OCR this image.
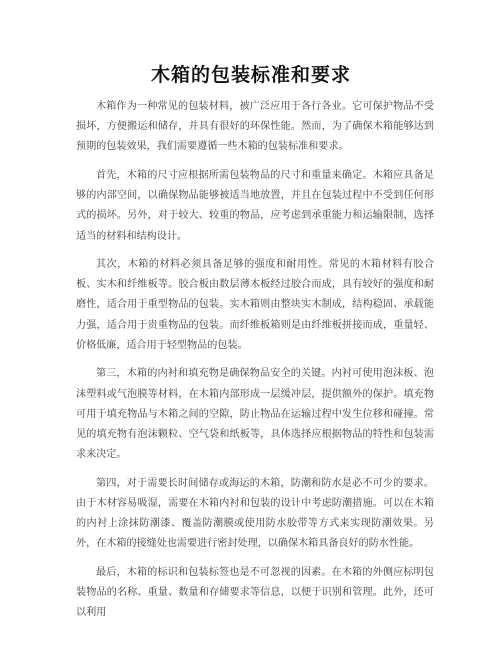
木箱的包装标准和要求

木箱作为一种常见的包装材料，被广泛应用于各行各业。它可保护物品不受损坏，方便搬运和储存，并具有很好的环保性能。然而，为了确保木箱能够达到预期的包装效果，我们需要遵循一些木箱的包装标准和要求。

首先，木箱的尺寸应根据所需包装物品的尺寸和重量来确定。木箱应具备足够的内部空间，以确保物品能够被适当地放置，并且在包装过程中不受到任何形式的损坏。另外，对于较大、较重的物品，应考虑到承重能力和运输限制，选择适当的材料和结构设计。

其次，木箱的材料必须具备足够的强度和耐用性。常见的木箱材料有胶合板、实木和纤维板等。胶合板由数层薄木板经过胶合而成，具有较好的强度和耐磨性，适合用于重型物品的包装。实木箱则由整块实木制成，结构稳固、承载能力强，适合用于贵重物品的包装。而纤维板箱则是由纤维板拼接而成，重量轻、价格低廉，适合用于轻型物品的包装。

第三，木箱的内衬和填充物是确保物品安全的关键。内衬可使用泡沫板、泡沫塑料或气泡膜等材料，在木箱内部形成一层缓冲层，提供额外的保护。填充物可用于填充物品与木箱之间的空隙，防止物品在运输过程中发生位移和碰撞。常见的填充物有泡沫颗粒、空气袋和纸板等，具体选择应根据物品的特性和包装需求来决定。

第四，对于需要长时间储存或海运的木箱，防潮和防水是必不可少的要求。由于木材容易吸湿，需要在木箱内衬和包装的设计中考虑防潮措施。可以在木箱的内衬上涂抹防潮漆、覆盖防潮膜或使用防水胶带等方式来实现防潮效果。另外，在木箱的接缝处也需要进行密封处理，以确保木箱具备良好的防水性能。

最后，木箱的标识和包装标签也是不可忽视的因素。在木箱的外侧应标明包装物品的名称、重量、数量和存储要求等信息，以便于识别和管理。此外，还可以利用
